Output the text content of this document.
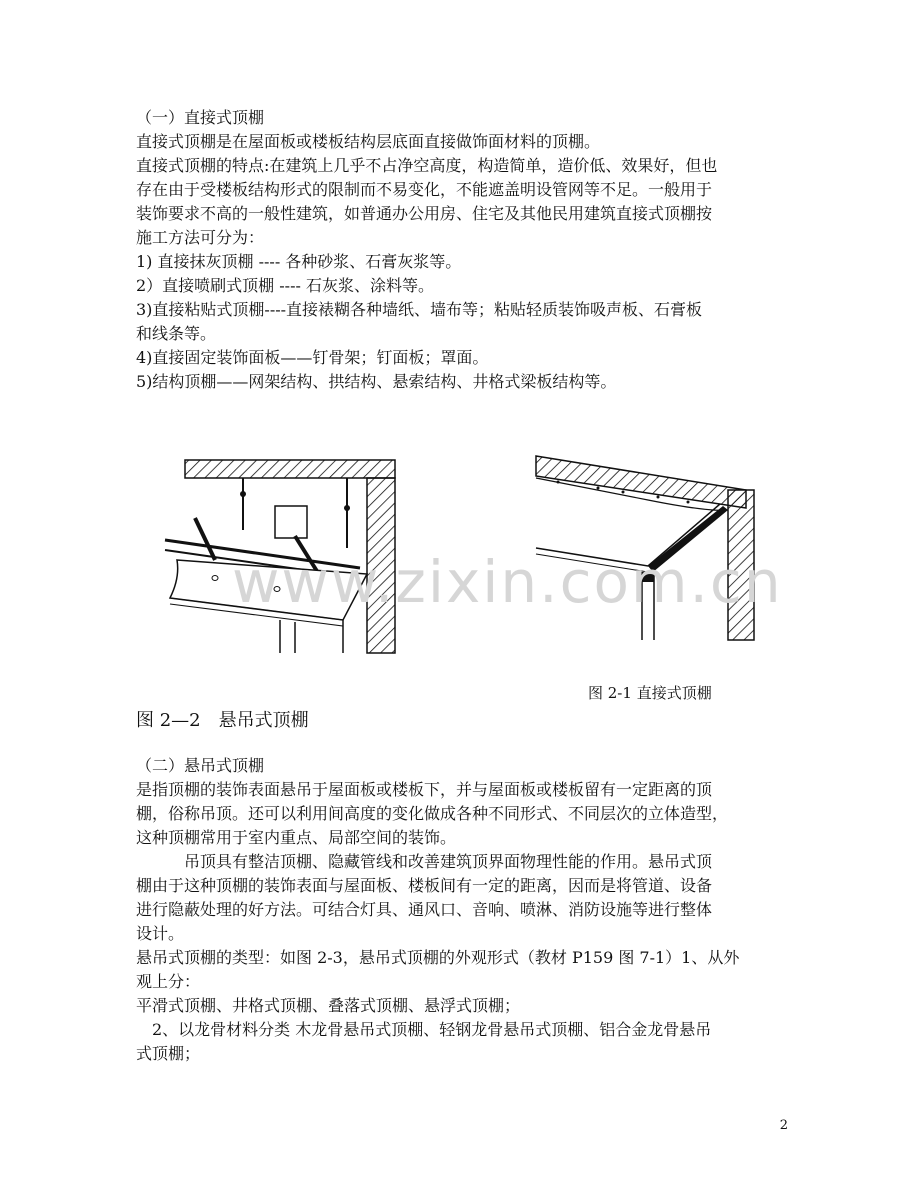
（一）直接式顶棚
直接式顶棚是在屋面板或楼板结构层底面直接做饰面材料的顶棚。
直接式顶棚的特点:在建筑上几乎不占净空高度，构造简单，造价低、效果好，但也
存在由于受楼板结构形式的限制而不易变化，不能遮盖明设管网等不足。一般用于
装饰要求不高的一般性建筑，如普通办公用房、住宅及其他民用建筑直接式顶棚按
施工方法可分为：
1) 直接抹灰顶棚 ---- 各种砂浆、石膏灰浆等。
2）直接喷刷式顶棚 ---- 石灰浆、涂料等。
3)直接粘贴式顶棚----直接裱糊各种墙纸、墙布等；粘贴轻质装饰吸声板、石膏板
和线条等。
4)直接固定装饰面板——钉骨架；钉面板；罩面。
5)结构顶棚——网架结构、拱结构、悬索结构、井格式梁板结构等。
www.zixin.com.cn
图 2-1 直接式顶棚
图 2—2　悬吊式顶棚
（二）悬吊式顶棚
是指顶棚的装饰表面悬吊于屋面板或楼板下，并与屋面板或楼板留有一定距离的顶
棚，俗称吊顶。还可以利用间高度的变化做成各种不同形式、不同层次的立体造型，
这种顶棚常用于室内重点、局部空间的装饰。
　　　吊顶具有整洁顶棚、隐藏管线和改善建筑顶界面物理性能的作用。悬吊式顶
棚由于这种顶棚的装饰表面与屋面板、楼板间有一定的距离，因而是将管道、设备
进行隐蔽处理的好方法。可结合灯具、通风口、音响、喷淋、消防设施等进行整体
设计。
悬吊式顶棚的类型：如图 2-3，悬吊式顶棚的外观形式（教材 P159 图 7-1）1、从外
观上分：
平滑式顶棚、井格式顶棚、叠落式顶棚、悬浮式顶棚；
　2、以龙骨材料分类 木龙骨悬吊式顶棚、轻钢龙骨悬吊式顶棚、铝合金龙骨悬吊
式顶棚；
2
